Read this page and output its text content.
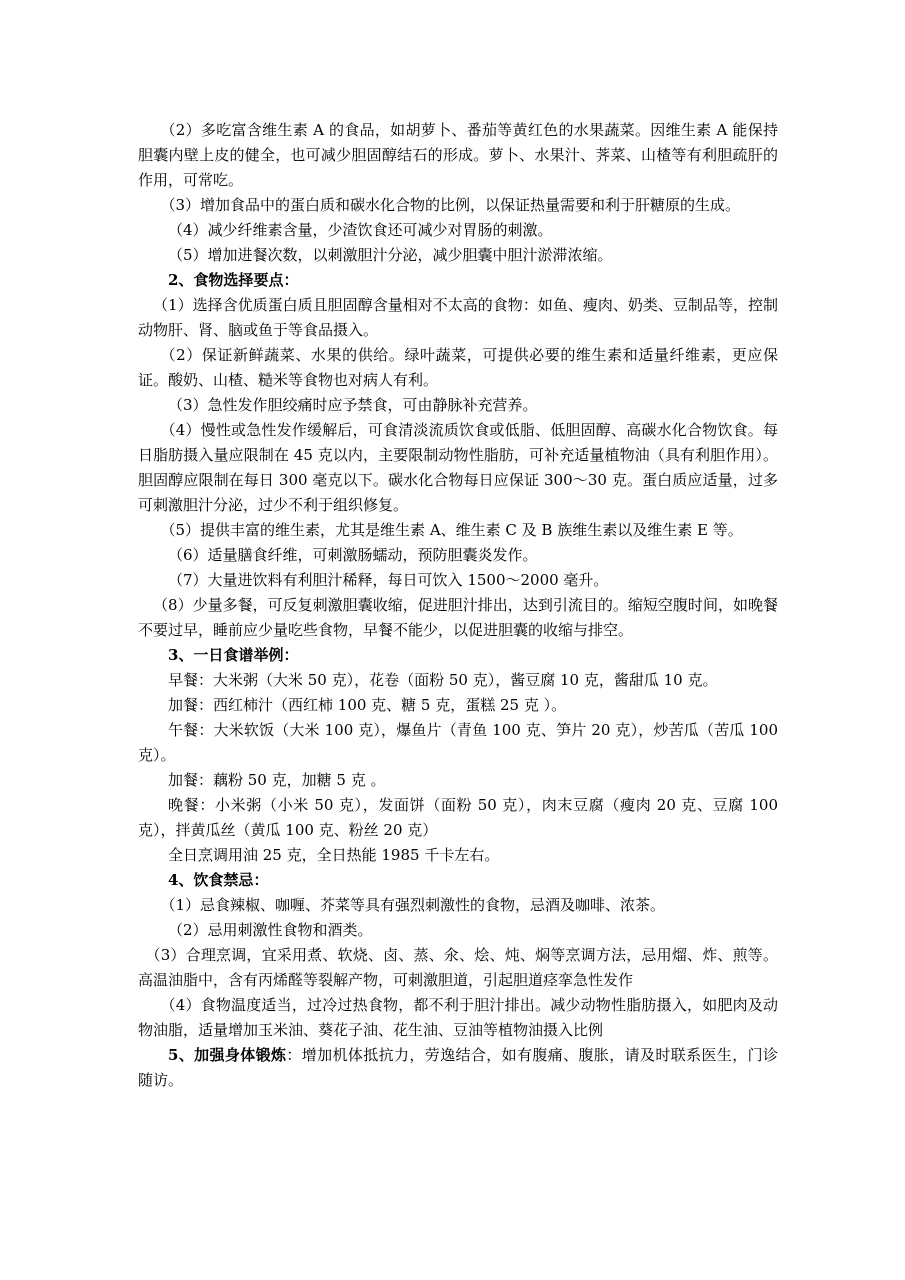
（2）多吃富含维生素 A 的食品，如胡萝卜、番茄等黄红色的水果蔬菜。因维生素 A 能保持胆囊内壁上皮的健全，也可减少胆固醇结石的形成。萝卜、水果汁、荠菜、山楂等有利胆疏肝的作用，可常吃。

（3）增加食品中的蛋白质和碳水化合物的比例，以保证热量需要和利于肝糖原的生成。

（4）减少纤维素含量，少渣饮食还可减少对胃肠的刺激。

（5）增加进餐次数，以刺激胆汁分泌，减少胆囊中胆汁淤滞浓缩。

2、食物选择要点：

（1）选择含优质蛋白质且胆固醇含量相对不太高的食物：如鱼、瘦肉、奶类、豆制品等，控制动物肝、肾、脑或鱼于等食品摄入。

（2）保证新鲜蔬菜、水果的供给。绿叶蔬菜，可提供必要的维生素和适量纤维素，更应保证。酸奶、山楂、糙米等食物也对病人有利。

（3）急性发作胆绞痛时应予禁食，可由静脉补充营养。

（4）慢性或急性发作缓解后，可食清淡流质饮食或低脂、低胆固醇、高碳水化合物饮食。每日脂肪摄入量应限制在 45 克以内，主要限制动物性脂肪，可补充适量植物油（具有利胆作用）。胆固醇应限制在每日 300 毫克以下。碳水化合物每日应保证 300～30 克。蛋白质应适量，过多可刺激胆汁分泌，过少不利于组织修复。

（5）提供丰富的维生素，尤其是维生素 A、维生素 C 及 B 族维生素以及维生素 E 等。

（6）适量膳食纤维，可刺激肠蠕动，预防胆囊炎发作。

（7）大量进饮料有利胆汁稀释，每日可饮入 1500～2000 毫升。

（8）少量多餐，可反复刺激胆囊收缩，促进胆汁排出，达到引流目的。缩短空腹时间，如晚餐不要过早，睡前应少量吃些食物，早餐不能少，以促进胆囊的收缩与排空。

3、一日食谱举例：

早餐：大米粥（大米 50 克），花卷（面粉 50 克），酱豆腐 10 克，酱甜瓜 10 克。

加餐：西红柿汁（西红柿 100 克、糖 5 克，蛋糕 25 克 ）。

午餐：大米软饭（大米 100 克），爆鱼片（青鱼 100 克、笋片 20 克），炒苦瓜（苦瓜 100 克）。

加餐：藕粉 50 克，加糖 5 克 。

晚餐：小米粥（小米 50 克），发面饼（面粉 50 克），肉末豆腐（瘦肉 20 克、豆腐 100 克），拌黄瓜丝（黄瓜 100 克、粉丝 20 克）

全日烹调用油 25 克，全日热能 1985 千卡左右。

4、饮食禁忌：

（1）忌食辣椒、咖喱、芥菜等具有强烈刺激性的食物，忌酒及咖啡、浓茶。

（2）忌用刺激性食物和酒类。

（3）合理烹调，宜采用煮、软烧、卤、蒸、氽、烩、炖、焖等烹调方法，忌用熘、炸、煎等。高温油脂中，含有丙烯醛等裂解产物，可刺激胆道，引起胆道痉挛急性发作

（4）食物温度适当，过冷过热食物，都不利于胆汁排出。减少动物性脂肪摄入，如肥肉及动物油脂，适量增加玉米油、葵花子油、花生油、豆油等植物油摄入比例

5、加强身体锻炼：增加机体抵抗力，劳逸结合，如有腹痛、腹胀，请及时联系医生，门诊随访。
